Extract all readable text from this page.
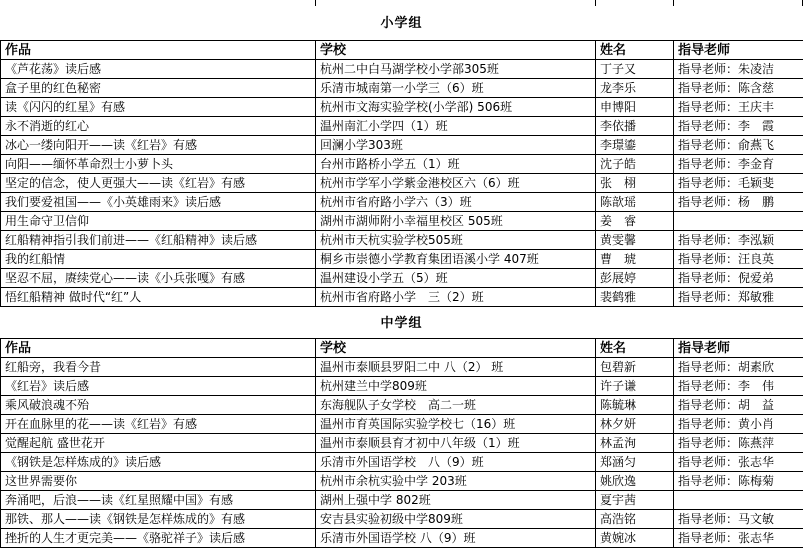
小学组
作品	学校	姓名	指导老师
《芦花荡》读后感	杭州二中白马湖学校小学部305班	丁子又	指导老师：朱凌洁
盒子里的红色秘密	乐清市城南第一小学三（6）班	龙李乐	指导老师：陈含慈
读《闪闪的红星》有感	杭州市文海实验学校(小学部) 506班	申博阳	指导老师：王庆丰
永不消逝的红心	温州南汇小学四（1）班	李依播	指导老师：李　霞
冰心一缕向阳开——读《红岩》有感	回澜小学303班	李璟鎏	指导老师：俞燕飞
向阳——缅怀革命烈士小萝卜头	台州市路桥小学五（1）班	沈子皓	指导老师：李金育
坚定的信念，使人更强大——读《红岩》有感	杭州市学军小学紫金港校区六（6）班	张　栩	指导老师：毛颖斐
我们要爱祖国——《小英雄雨来》读后感	杭州市省府路小学六（3）班	陈歆瑶	指导老师：杨　鹏
用生命守卫信仰	湖州市湖师附小幸福里校区 505班	姜　睿	
红船精神指引我们前进——《红船精神》读后感	杭州市天杭实验学校505班	黄雯馨	指导老师：李泓颖
我的红船情	桐乡市崇德小学教育集团语溪小学 407班	曹　琥	指导老师：汪良英
坚忍不屈，赓续党心——读《小兵张嘎》有感	温州建设小学五（5）班	彭展婷	指导老师：倪爱弟
悟红船精神 做时代“红”人	杭州市省府路小学　三（2）班	裴鹤雅	指导老师：郑敏雅
中学组
作品	学校	姓名	指导老师
红船旁，我看今昔	温州市泰顺县罗阳二中 八（2） 班	包碧新	指导老师：胡素欣
《红岩》读后感	杭州建兰中学809班	许子谦	指导老师：李　伟
乘风破浪魂不殆	东海舰队子女学校　高二一班	陈毓琳	指导老师：胡　益
开在血脉里的花——读《红岩》有感	温州市育英国际实验学校七（16）班	林夕妍	指导老师：黄小肖
觉醒起航 盛世花开	温州市泰顺县育才初中八年级（1）班	林孟洵	指导老师：陈燕萍
《钢铁是怎样炼成的》读后感	乐清市外国语学校　八（9）班	郑涵匀	指导老师：张志华
这世界需要你	杭州市余杭实验中学 203班	姚欣逸	指导老师：陈梅菊
奔涌吧，后浪——读《红星照耀中国》有感	湖州上强中学 802班	夏宇茜	
那铁、那人——读《钢铁是怎样炼成的》有感	安吉县实验初级中学809班	高浩铭	指导老师：马文敏
挫折的人生才更完美——《骆驼祥子》读后感	乐清市外国语学校 八（9）班	黄婉冰	指导老师：张志华
